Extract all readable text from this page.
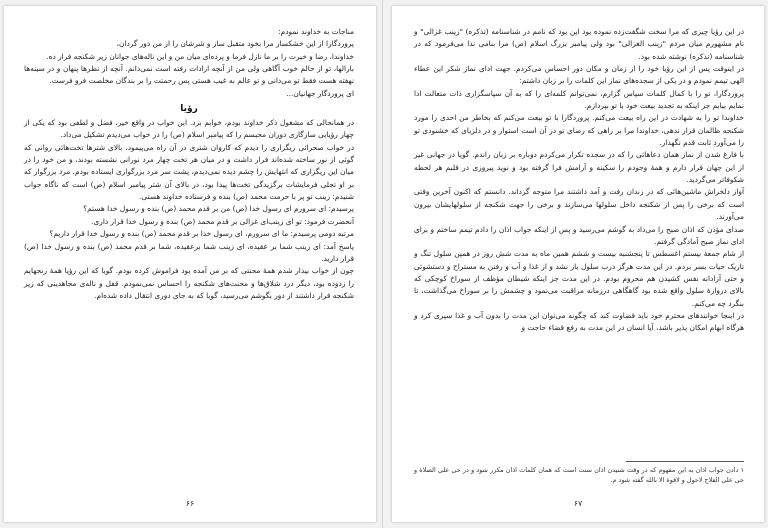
مناجات به خداوند نمودم:

پروردگارا از این خشکسار مرا بخود متقبل ساز و شرشان را از من دور گردان،

خداوندا، رضا و خیرت را بر ما نازل فرما و پرده‌ای میان من و این ناله‌های جوانان زیر شکنجه قرار ده.

بارالها، تو از حالم خوب آگاهی ولی من از آنچه ارادات رفته است نمی‌دانم. آنچه از نظرها پنهان و در سینه‌ها نهفته هست فقط تو می‌دانی و تو عالم به غیب هستی پس رحمتت را بر بندگان مخلصت فرو فرست.

ای پروردگار جهانیان...

رؤیا

در همانحالی که مشغول ذکر خداوند بودم، خوابم برد. این خواب در واقع خیر، فضل و لطفی بود که یکی از چهار رؤیایی سازگاری دوران محبسم را که پیامبر اسلام (ص) را در خواب می‌دیدم تشکیل می‌داد.

در خواب صحرائی ریگزاری را دیدم که کاروان شتری در آن راه می‌پیمود، بالای شترها تخت‌هائی روانی که گوئی از نور ساخته شده‌اند قرار داشت و در میان هر تخت چهار مرد نورانی نشسته بودند، و من خود را در میان این ریگزاری که انتهایش را چشم دیده نمی‌دیدم، پشت سر مرد بزرگواری ایستاده بودم. مرد بزرگوار که بر او تجلی فرمایشات برگزیدگی تخت‌ها پیدا بود، در بالای آن شتر پیامبر اسلام (ص) است که ناگاه جواب شنیدم: زینب تو پر با حرمت محمد (ص) بنده و فرستاده خداوند هستی.

پرسیدم: ای سرورم ای رسول خدا (ص) من بر قدم محمد (ص) بنده و رسول خدا هستم؟

آنحضرت فرمود: تو ای زینب‌ای غزالی بر قدم محمد (ص) بنده و رسول خدا قرار داری.

مرتبه دومی پرسیدم: ما ای سرورم، ای رسول خدا بر قدم محمد (ص) بنده و رسول خدا قرار داریم؟

پاسخ آمد: ای زینب شما بر عقیده، ای زینب شما برعقیده، شما بر قدم محمد (ص) بنده و رسول خدا (ص) قرار دارید.

چون از خواب بیدار شدم همهٔ محنتی که بر من آمده بود فراموش کرده بودم. گویا که این رؤیا همهٔ رنجهایم را زدوده بود، دیگر درد شلاق‌ها و محنت‌های شکنجه را احساس نمی‌نمودم. قفل و ناله‌ی مجاهدینی که زیر شکنجه قرار داشتند از دور بگوشم می‌رسید، گویا که به جای دوری انتقال داده شده‌ام.

۶۶

در این رؤیا چیزی که مرا سخت شگفت‌زده نموده بود این بود که نامم در شناسنامه (تذکره) "زینب غزالی" و نام مشهورم میان مردم "زینب الغزالی" بود ولی پیامبر بزرگ اسلام (ص) مرا بنامی ندا می‌فرمود که در شناسنامه (تذکره) نوشته شده بود.

در اینوقت پس از این رؤیا خود را از زمان و مکان دور احساس می‌کردم. جهت ادای نماز شکر این عطاء الهی تیمم نمودم و در یکی از سجده‌های نماز این کلمات را بر زبان داشتم:

پروردگارا، تو را با کمال کلمات سپاس گزارم، نمی‌توانم کلمه‌ای را که به آن سپاسگزاری ذات متعالت ادا نمایم بیابم جز اینکه به تجدید بیعت خود با تو بپردازم.

خداوندا تو را به شهادت در این راه بیعت می‌کنم. پروردگارا با تو بیعت می‌کنم که بخاطر من احدی را مورد شکنجه ظالمان قرار ندهی، خداوندا مرا بر راهی که رضای تو در آن است استوار و در دلزیای که خشنودی تو را می‌آورد ثابت قدم نگهدار.

با فارغ شدن از نماز همان دعاهائی را که در سجده تکرار می‌کردم دوباره بر زبان راندم. گویا در جهانی غیر از این جهان قرار دارم و همهٔ وجودم را سکینه و آرامش فرا گرفته بود و نوید پیروزی در قلبم هر لحظه شکوفاتر می‌گردید.

آواز دلخراش ماشین‌هائی که در زندان رفت و آمد داشتند مرا متوجه گرداند. دانستم که اکنون آخرین وقتی است که برخی را پس از شکنجه داخل سلولها می‌سازند و برخی را جهت شکنجه از سلولهایشان بیرون می‌آورند.

صدای مؤذن که اذان صبح را می‌داد به گوشم می‌رسید و پس از اینکه جواب اذان را دادم تیمم ساختم و برای ادای نماز صبح آمادگی گرفتم.

از شام جمعهٔ بیستم اغسطس تا پنجشنبه بیست و ششم همین ماه به مدت شش روز در همین سلول تنگ و تاریک حیات بسر بردم. در این مدت هرگز درب سلول باز نشد و از غذا و آب و رفتن به مستراح و دستشوئی و حتی آزادانه نفس کشیدن هم محروم بودم. در این مدت جز اینکه شیطان مؤظف از سوراخ کوچکی که بالای دروازهٔ سلول واقع شده بود گاهگاهی درزمانه مراقبت می‌نمود و چشمش را بر سوراخ می‌گذاشت، تا بنگرد چه می‌کنم.

در اینجا خوانندهای محترم خود باید قضاوت کند که چگونه می‌توان این مدت را بدون آب و غذا سپری کرد و هرگاه ابهام امکان پذیر باشد، آیا انسان در این مدت به رفع قضاء حاجت و

۱ دادن جواب اذان به این مفهوم که در وقت شنیدن اذان سنت است که همان کلمات اذان مکرر شود و در حی علی الصلاة و حی علی الفلاح لاحول و لاقوة الا بالله گفته شود م.

۶۷
